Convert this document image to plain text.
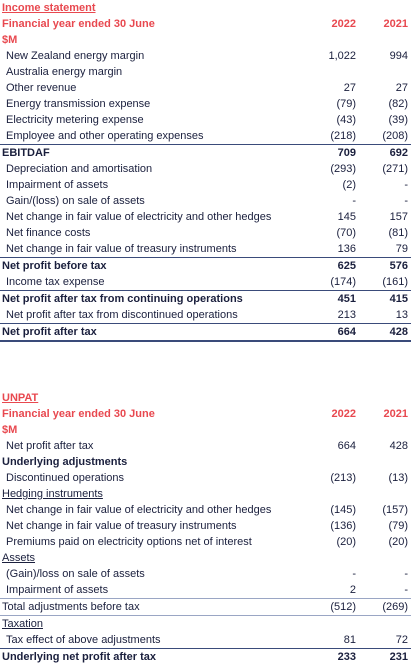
Income statement
Financial year ended 30 June	2022	2021
$M
New Zealand energy margin	1,022	994
Australia energy margin
Other revenue	27	27
Energy transmission expense	(79)	(82)
Electricity metering expense	(43)	(39)
Employee and other operating expenses	(218)	(208)
EBITDAF	709	692
Depreciation and amortisation	(293)	(271)
Impairment of assets	(2)	-
Gain/(loss) on sale of assets	-	-
Net change in fair value of electricity and other hedges	145	157
Net finance costs	(70)	(81)
Net change in fair value of treasury instruments	136	79
Net profit before tax	625	576
Income tax expense	(174)	(161)
Net profit after tax from continuing operations	451	415
Net profit after tax from discontinued operations	213	13
Net profit after tax	664	428
UNPAT
Financial year ended 30 June	2022	2021
$M
Net profit after tax	664	428
Underlying adjustments
Discontinued operations	(213)	(13)
Hedging instruments
Net change in fair value of electricity and other hedges	(145)	(157)
Net change in fair value of treasury instruments	(136)	(79)
Premiums paid on electricity options net of interest	(20)	(20)
Assets
(Gain)/loss on sale of assets	-	-
Impairment of assets	2	-
Total adjustments before tax	(512)	(269)
Taxation
Tax effect of above adjustments	81	72
Underlying net profit after tax	233	231
